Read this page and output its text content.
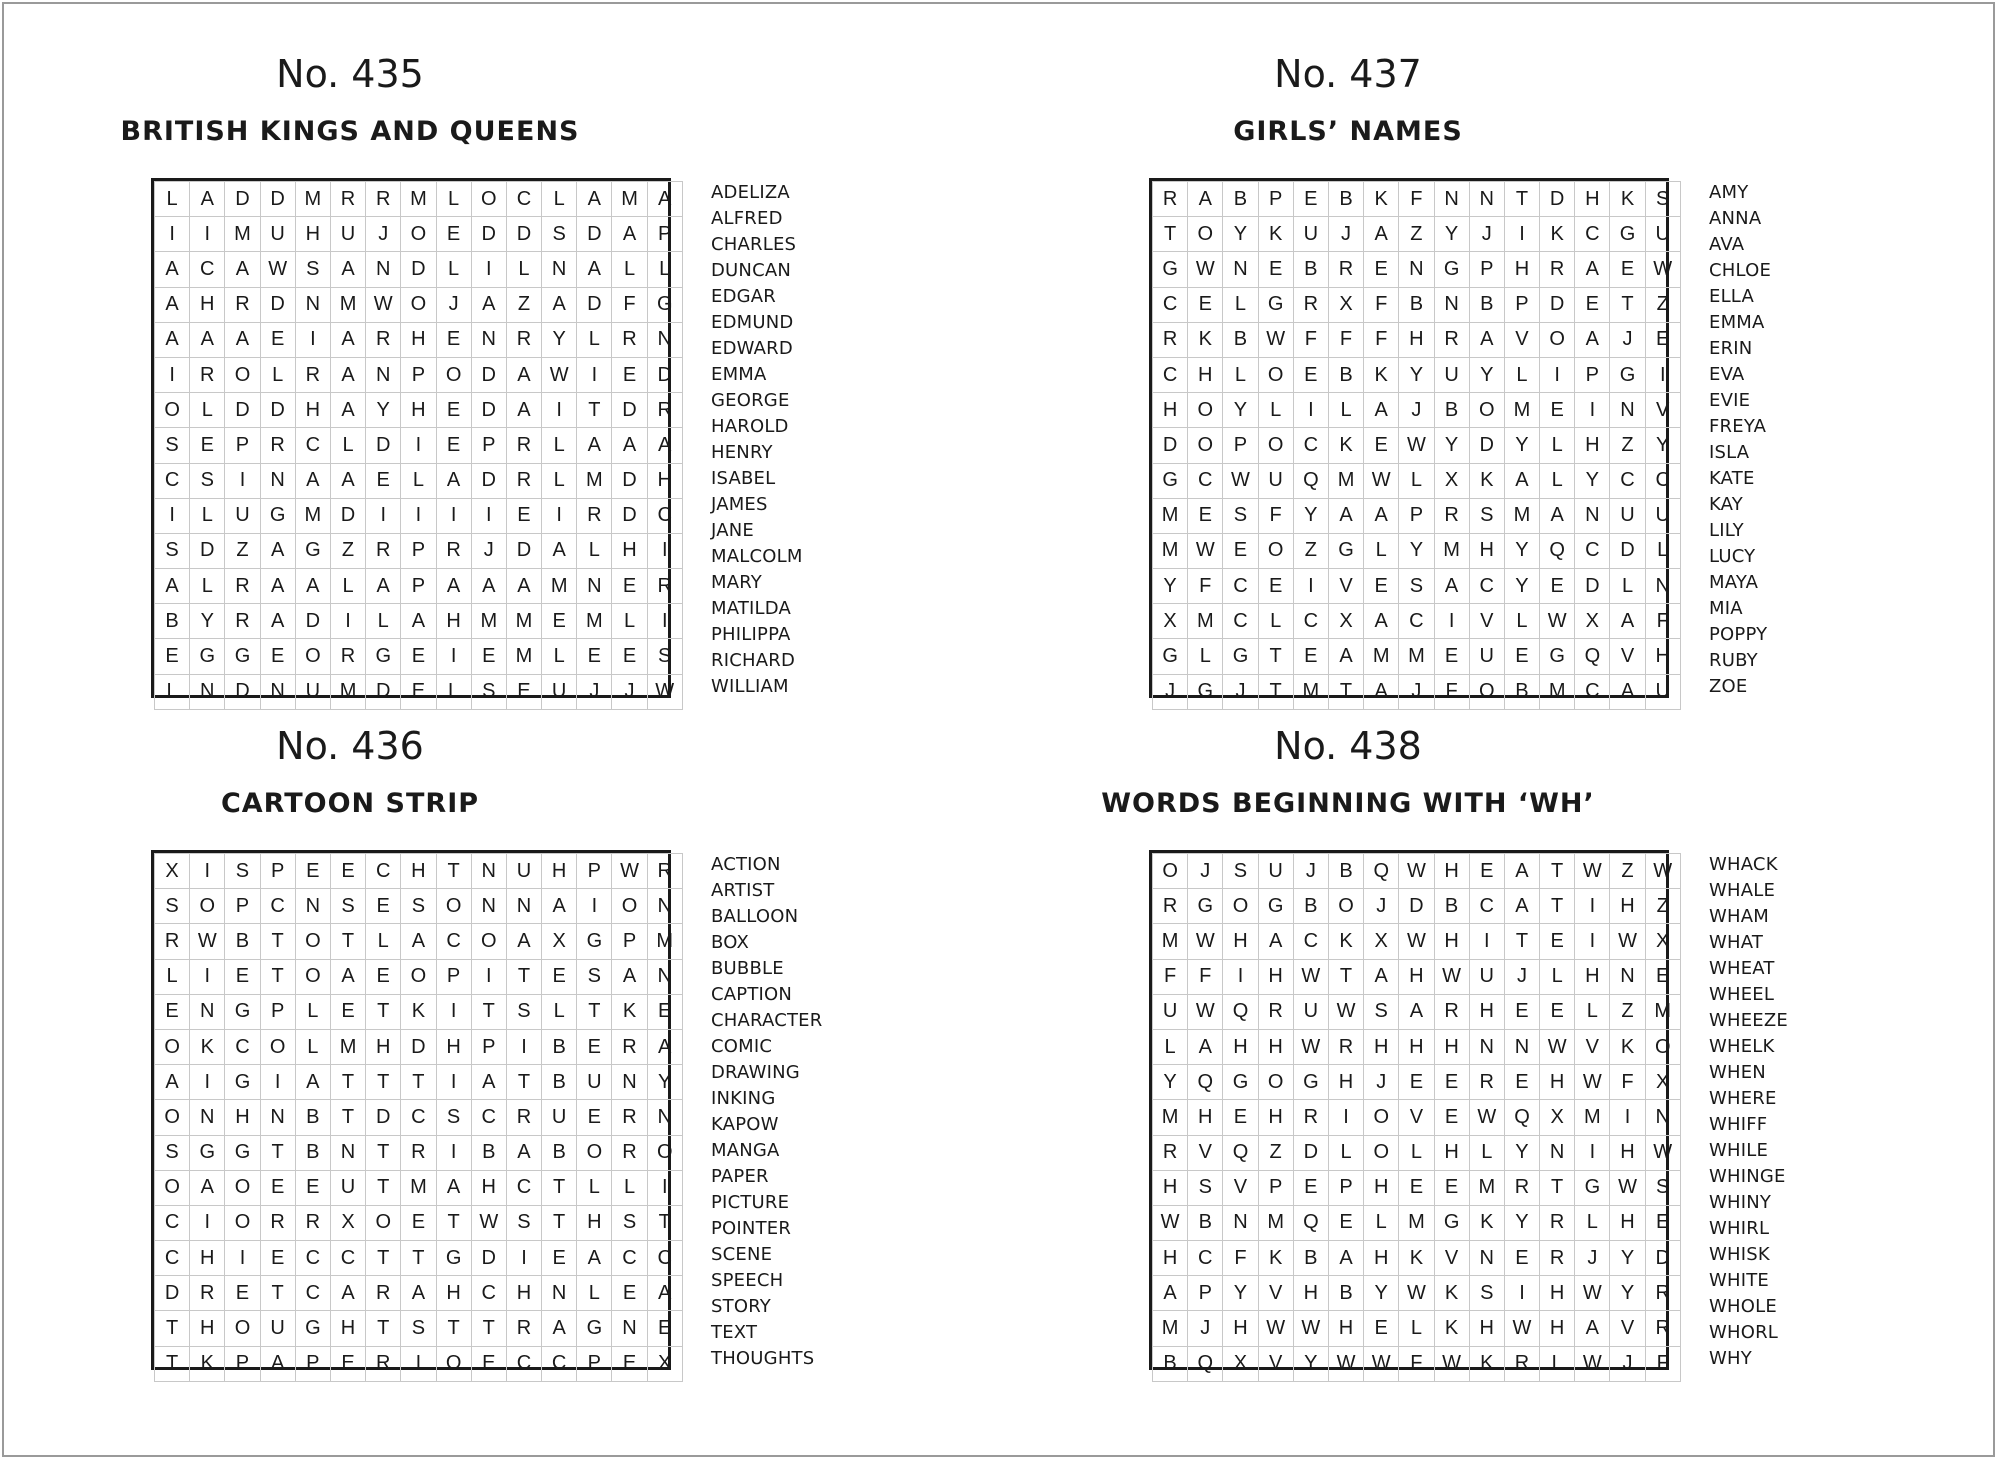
No. 435
BRITISH KINGS AND QUEENS
L	A	D	D	M	R	R	M	L	O	C	L	A	M	A
I	I	M	U	H	U	J	O	E	D	D	S	D	A	P
A	C	A	W	S	A	N	D	L	I	L	N	A	L	L
A	H	R	D	N	M	W	O	J	A	Z	A	D	F	G
A	A	A	E	I	A	R	H	E	N	R	Y	L	R	N
I	R	O	L	R	A	N	P	O	D	A	W	I	E	D
O	L	D	D	H	A	Y	H	E	D	A	I	T	D	R
S	E	P	R	C	L	D	I	E	P	R	L	A	A	A
C	S	I	N	A	A	E	L	A	D	R	L	M	D	H
I	L	U	G	M	D	I	I	I	I	E	I	R	D	C
S	D	Z	A	G	Z	R	P	R	J	D	A	L	H	I
A	L	R	A	A	L	A	P	A	A	A	M	N	E	R
B	Y	R	A	D	I	L	A	H	M	M	E	M	L	I
E	G	G	E	O	R	G	E	I	E	M	L	E	E	S
L	N	D	N	U	M	D	E	L	S	E	U	J	J	W
ADELIZA
ALFRED
CHARLES
DUNCAN
EDGAR
EDMUND
EDWARD
EMMA
GEORGE
HAROLD
HENRY
ISABEL
JAMES
JANE
MALCOLM
MARY
MATILDA
PHILIPPA
RICHARD
WILLIAM
No. 437
GIRLS’ NAMES
R	A	B	P	E	B	K	F	N	N	T	D	H	K	S
T	O	Y	K	U	J	A	Z	Y	J	I	K	C	G	U
G	W	N	E	B	R	E	N	G	P	H	R	A	E	W
C	E	L	G	R	X	F	B	N	B	P	D	E	T	Z
R	K	B	W	F	F	F	H	R	A	V	O	A	J	E
C	H	L	O	E	B	K	Y	U	Y	L	I	P	G	I
H	O	Y	L	I	L	A	J	B	O	M	E	I	N	V
D	O	P	O	C	K	E	W	Y	D	Y	L	H	Z	Y
G	C	W	U	Q	M	W	L	X	K	A	L	Y	C	C
M	E	S	F	Y	A	A	P	R	S	M	A	N	U	U
M	W	E	O	Z	G	L	Y	M	H	Y	Q	C	D	L
Y	F	C	E	I	V	E	S	A	C	Y	E	D	L	N
X	M	C	L	C	X	A	C	I	V	L	W	X	A	F
G	L	G	T	E	A	M	M	E	U	E	G	Q	V	H
J	G	J	T	M	T	A	J	F	O	B	M	C	A	U
AMY
ANNA
AVA
CHLOE
ELLA
EMMA
ERIN
EVA
EVIE
FREYA
ISLA
KATE
KAY
LILY
LUCY
MAYA
MIA
POPPY
RUBY
ZOE
No. 436
CARTOON STRIP
X	I	S	P	E	E	C	H	T	N	U	H	P	W	R
S	O	P	C	N	S	E	S	O	N	N	A	I	O	N
R	W	B	T	O	T	L	A	C	O	A	X	G	P	M
L	I	E	T	O	A	E	O	P	I	T	E	S	A	N
E	N	G	P	L	E	T	K	I	T	S	L	T	K	E
O	K	C	O	L	M	H	D	H	P	I	B	E	R	A
A	I	G	I	A	T	T	T	I	A	T	B	U	N	Y
O	N	H	N	B	T	D	C	S	C	R	U	E	R	N
S	G	G	T	B	N	T	R	I	B	A	B	O	R	O
O	A	O	E	E	U	T	M	A	H	C	T	L	L	I
C	I	O	R	R	X	O	E	T	W	S	T	H	S	T
C	H	I	E	C	C	T	T	G	D	I	E	A	C	C
D	R	E	T	C	A	R	A	H	C	H	N	L	E	A
T	H	O	U	G	H	T	S	T	T	R	A	G	N	E
T	K	P	A	P	E	R	I	O	E	C	C	P	E	X
ACTION
ARTIST
BALLOON
BOX
BUBBLE
CAPTION
CHARACTER
COMIC
DRAWING
INKING
KAPOW
MANGA
PAPER
PICTURE
POINTER
SCENE
SPEECH
STORY
TEXT
THOUGHTS
No. 438
WORDS BEGINNING WITH ‘WH’
O	J	S	U	J	B	Q	W	H	E	A	T	W	Z	W
R	G	O	G	B	O	J	D	B	C	A	T	I	H	Z
M	W	H	A	C	K	X	W	H	I	T	E	I	W	X
F	F	I	H	W	T	A	H	W	U	J	L	H	N	E
U	W	Q	R	U	W	S	A	R	H	E	E	L	Z	M
L	A	H	H	W	R	H	H	H	N	N	W	V	K	O
Y	Q	G	O	G	H	J	E	E	R	E	H	W	F	X
M	H	E	H	R	I	O	V	E	W	Q	X	M	I	N
R	V	Q	Z	D	L	O	L	H	L	Y	N	I	H	W
H	S	V	P	E	P	H	E	E	M	R	T	G	W	S
W	B	N	M	Q	E	L	M	G	K	Y	R	L	H	E
H	C	F	K	B	A	H	K	V	N	E	R	J	Y	D
A	P	Y	V	H	B	Y	W	K	S	I	H	W	Y	R
M	J	H	W	W	H	E	L	K	H	W	H	A	V	R
B	Q	X	V	Y	W	W	F	W	K	R	L	W	J	F
WHACK
WHALE
WHAM
WHAT
WHEAT
WHEEL
WHEEZE
WHELK
WHEN
WHERE
WHIFF
WHILE
WHINGE
WHINY
WHIRL
WHISK
WHITE
WHOLE
WHORL
WHY
